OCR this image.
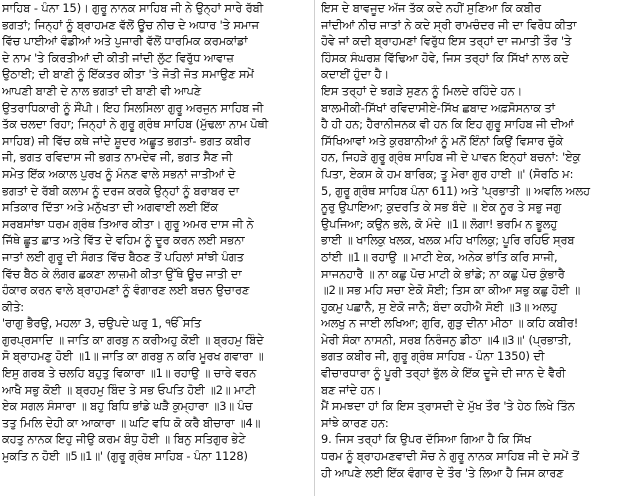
ਸਾਹਿਬ - ਪੰਨਾ 15)। ਗੁਰੂ ਨਾਨਕ ਸਾਹਿਬ ਜੀ ਨੇ ਉਨ੍ਹਾਂ ਸਾਰੇ ਰੱਬੀ
ਭਗਤਾਂ; ਜਿਨ੍ਹਾਂ ਨੂੰ ਬ੍ਰਾਹਮਣ ਵੱਲੋਂ ਊਚ ਨੀਚ ਦੇ ਅਧਾਰ 'ਤੇ ਸਮਾਜ
ਵਿੱਚ ਪਾਈਆਂ ਵੰਡੀਆਂ ਅਤੇ ਪੁਜਾਰੀ ਵੱਲੋਂ ਧਾਰਮਿਕ ਕਰਮਕਾਂਡਾਂ
ਦੇ ਨਾਮ 'ਤੇ ਕਿਰਤੀਆਂ ਦੀ ਕੀਤੀ ਜਾਂਦੀ ਲੁੱਟ ਵਿਰੁੱਧ ਆਵਾਜ਼
ਉਠਾਈ; ਦੀ ਬਾਣੀ ਨੂੰ ਇੱਕਤਰ ਕੀਤਾ 'ਤੇ ਜੋਤੀ ਜੋਤ ਸਮਾਉਣ ਸਮੇਂ
ਆਪਣੀ ਬਾਣੀ ਦੇ ਨਾਲ ਭਗਤਾਂ ਦੀ ਬਾਣੀ ਵੀ ਆਪਣੇ
ਉਤਰਾਧਿਕਾਰੀ ਨੂੰ ਸੌਂਪੀ। ਇਹ ਸਿਲਸਿਲਾ ਗੁਰੂ ਅਰਜੁਨ ਸਾਹਿਬ ਜੀ
ਤੱਕ ਚਲਦਾ ਰਿਹਾ; ਜਿਨ੍ਹਾਂ ਨੇ ਗੁਰੂ ਗ੍ਰੰਥ ਸਾਹਿਬ (ਮੁੱਢਲਾ ਨਾਮ ਪੋਥੀ
ਸਾਹਿਬ) ਜੀ ਵਿੱਚ ਕਥੇ ਜਾਂਦੇ ਸ਼ੂਦਰ ਅਛੂਤ ਭਗਤਾਂ- ਭਗਤ ਕਬੀਰ
ਜੀ, ਭਗਤ ਰਵਿਦਾਸ ਜੀ ਭਗਤ ਨਾਮਦੇਵ ਜੀ, ਭਗਤ ਸੈਣ ਜੀ
ਸਮੇਤ ਇੱਕ ਅਕਾਲ ਪੁਰਖ ਨੂੰ ਮੰਨਣ ਵਾਲੇ ਸਭਨਾਂ ਜਾਤੀਆਂ ਦੇ
ਭਗਤਾਂ ਦੇ ਰੱਬੀ ਕਲਾਮ ਨੂੰ ਦਰਜ ਕਰਕੇ ਉਨ੍ਹਾਂ ਨੂੰ ਬਰਾਬਰ ਦਾ
ਸਤਿਕਾਰ ਦਿੱਤਾ ਅਤੇ ਮਨੁੱਖਤਾ ਦੀ ਅਗਵਾਈ ਲਈ ਇੱਕ
ਸਰਬਸਾਂਝਾ ਧਰਮ ਗ੍ਰੰਥ ਤਿਆਰ ਕੀਤਾ। ਗੁਰੂ ਅਮਰ ਦਾਸ ਜੀ ਨੇ
ਜਿੱਥੇ ਛੂਤ ਛਾਤ ਅਤੇ ਵਿੱਤ ਦੇ ਵਹਿਮ ਨੂੰ ਦੂਰ ਕਰਨ ਲਈ ਸਭਨਾ
ਜਾਤਾਂ ਲਈ ਗੁਰੂ ਦੀ ਸੰਗਤ ਵਿੱਚ ਬੈਠਣ ਤੋਂ ਪਹਿਲਾਂ ਸਾਂਝੀ ਪੰਗਤ
ਵਿੱਚ ਬੈਠ ਕੇ ਲੰਗਰ ਛਕਣਾ ਲਾਜ਼ਮੀ ਕੀਤਾ ਉੱਥੇ ਊਚ ਜਾਤੀ ਦਾ
ਹੰਕਾਰ ਕਰਨ ਵਾਲੇ ਬ੍ਰਾਹਮਣਾਂ ਨੂੰ ਵੰਗਾਰਣ ਲਈ ਬਚਨ ਉਚਾਰਣ
ਕੀਤੇ:
'ਰਾਗੁ ਭੈਰਉ, ਮਹਲਾ 3, ਚਉਪਦੇ ਘਰੁ 1, ੴ ਸਤਿ
ਗੁਰਪ੍ਰਸਾਦਿ ॥ ਜਾਤਿ ਕਾ ਗਰਬੁ ਨ ਕਰੀਅਹੁ ਕੋਈ ॥ ਬ੍ਰਹਮੁ ਬਿੰਦੇ
ਸੋ ਬ੍ਰਾਹਮਣੁ ਹੋਈ ॥1॥ ਜਾਤਿ ਕਾ ਗਰਬੁ ਨ ਕਰਿ ਮੂਰਖ ਗਵਾਰਾ ॥
ਇਸੁ ਗਰਬ ਤੇ ਚਲਹਿ ਬਹੁਤੁ ਵਿਕਾਰਾ ॥1॥ ਰਹਾਉ ॥ ਚਾਰੇ ਵਰਨ
ਆਖੈ ਸਭੁ ਕੋਈ ॥ ਬ੍ਰਹਮੁ ਬਿੰਦ ਤੇ ਸਭ ਓਪਤਿ ਹੋਈ ॥2॥ ਮਾਟੀ
ਏਕ ਸਗਲ ਸੰਸਾਰਾ ॥ ਬਹੁ ਬਿਧਿ ਭਾਂਡੇ ਘੜੈ ਕੁਮ੍ਹਾਰਾ ॥3॥ ਪੰਚ
ਤਤੁ ਮਿਲਿ ਦੇਹੀ ਕਾ ਆਕਾਰਾ ॥ ਘਟਿ ਵਧਿ ਕੋ ਕਰੈ ਬੀਚਾਰਾ ॥4॥
ਕਹਤੁ ਨਾਨਕ ਇਹੁ ਜੀਉ ਕਰਮ ਬੰਧੁ ਹੋਈ ॥ ਬਿਨੁ ਸਤਿਗੁਰ ਭੇਟੇ
ਮੁਕਤਿ ਨ ਹੋਈ ॥5॥1॥' (ਗੁਰੂ ਗ੍ਰੰਥ ਸਾਹਿਬ - ਪੰਨਾ 1128)
ਇਸ ਦੇ ਬਾਵਜੂਦ ਅੱਜ ਤੱਕ ਕਦੇ ਨਹੀਂ ਸੁਣਿਆ ਕਿ ਕਬੀਰ
ਜਾਂਦੀਆਂ ਨੀਚ ਜਾਤਾਂ ਨੇ ਕਦੇ ਸ੍ਰੀ ਰਾਮਚੰਦਰ ਜੀ ਦਾ ਵਿਰੋਧ ਕੀਤਾ
ਹੋਵੇ ਜਾਂ ਕਦੀ ਬ੍ਰਾਹਮਣਾਂ ਵਿਰੁੱਧ ਇਸ ਤਰ੍ਹਾਂ ਦਾ ਜਮਾਤੀ ਤੌਰ 'ਤੇ
ਹਿੰਸਕ ਸੰਘਰਸ਼ ਵਿੱਢਿਆ ਹੋਵੇ, ਜਿਸ ਤਰ੍ਹਾਂ ਕਿ ਸਿੱਖਾਂ ਨਾਲ ਕਦੇ
ਕਦਾਈਂ ਹੁੰਦਾ ਹੈ।
ਇਸ ਤਰ੍ਹਾਂ ਦੇ ਝਗੜੇ ਸੁਣਨ ਨੂੰ ਮਿਲਦੇ ਰਹਿੰਦੇ ਹਨ।
ਬਾਲਮੀਕੀ-ਸਿੱਖਾਂ ਰਵਿਦਾਸੀਏ-ਸਿੱਖ ਛਬਾਦ ਅਫ਼ਸੋਸਨਾਕ ਤਾਂ
ਹੈ ਹੀ ਹਨ; ਹੈਰਾਨੀਜਨਕ ਵੀ ਹਨ ਕਿ ਇਹ ਗੁਰੂ ਸਾਹਿਬ ਜੀ ਦੀਆਂ
ਸਿੱਖਿਆਵਾਂ ਅਤੇ ਕੁਰਬਾਨੀਆਂ ਨੂੰ ਮਨੋਂ ਇੰਨਾਂ ਕਿਉਂ ਵਿਸਾਰ ਚੁੱਕੇ
ਹਨ, ਜਿਹੜੇ ਗੁਰੂ ਗ੍ਰੰਥ ਸਾਹਿਬ ਜੀ ਦੇ ਪਾਵਨ ਇਨ੍ਹਾਂ ਬਚਨਾਂ: 'ਏਕੁ
ਪਿਤਾ, ਏਕਸ ਕੇ ਹਮ ਬਾਰਿਕ; ਤੂ ਮੇਰਾ ਗੁਰ ਹਾਈ ॥' (ਸੋਰਠਿ ਮ:
5, ਗੁਰੂ ਗ੍ਰੰਥ ਸਾਹਿਬ ਪੰਨਾ 611) ਅਤੇ 'ਪ੍ਰਭਾਤੀ ॥ ਅਵਲਿ ਅਲਹ
ਨੂਰੁ ਉਪਾਇਆ; ਕੁਦਰਤਿ ਕੇ ਸਭ ਬੰਦੇ ॥ ਏਕ ਨੂਰ ਤੇ ਸਭੁ ਜਗੁ
ਉਪਜਿਆ; ਕਉਨ ਭਲੇ, ਕੋ ਮੰਦੇ ॥1॥ ਲੋਗਾ! ਭਰਮਿ ਨ ਭੂਲਹੁ
ਭਾਈ ॥ ਖਾਲਿਕੁ ਖਲਕ, ਖਲਕ ਮਹਿ ਖਾਲਿਕੁ; ਪੂਰਿ ਰਹਿਓ ਸ੍ਰਬ
ਠਾਂਈ ॥1॥ ਰਹਾਉ ॥ ਮਾਟੀ ਏਕ, ਅਨੇਕ ਭਾਂਤਿ ਕਰਿ ਸਾਜੀ,
ਸਾਜਨਹਾਰੈ ॥ ਨਾ ਕਛੁ ਪੋਚ ਮਾਟੀ ਕੇ ਭਾਂਡੇ; ਨਾ ਕਛੁ ਪੋਚ ਕੁੰਭਾਰੈ
॥2॥ ਸਭ ਮਹਿ ਸਚਾ ਏਕੋ ਸੋਈ; ਤਿਸ ਕਾ ਕੀਆ ਸਭੁ ਕਛੁ ਹੋਈ ॥
ਹੁਕਮੁ ਪਛਾਨੈ, ਸੁ ਏਕੋ ਜਾਨੈ; ਬੰਦਾ ਕਹੀਐ ਸੋਈ ॥3॥ ਅਲਹੁ
ਅਲਖੁ ਨ ਜਾਈ ਲਖਿਆ; ਗੁਰਿ, ਗੁੜੁ ਦੀਨਾ ਮੀਠਾ ॥ ਕਹਿ ਕਬੀਰ!
ਮੇਰੀ ਸੰਕਾ ਨਾਸਨੀ, ਸਰਬ ਨਿਰੰਜਨੁ ਡੀਠਾ ॥4॥3॥' (ਪ੍ਰਭਾਤੀ,
ਭਗਤ ਕਬੀਰ ਜੀ, ਗੁਰੂ ਗ੍ਰੰਥ ਸਾਹਿਬ - ਪੰਨਾ 1350) ਦੀ
ਵੀਚਾਰਧਾਰਾ ਨੂੰ ਪੂਰੀ ਤਰ੍ਹਾਂ ਭੁੱਲ ਕੇ ਇੱਕ ਦੂਜੇ ਦੀ ਜਾਨ ਦੇ ਵੈਰੀ
ਬਣ ਜਾਂਦੇ ਹਨ।
ਮੈਂ ਸਮਝਦਾ ਹਾਂ ਕਿ ਇਸ ਤ੍ਰਾਸਦੀ ਦੇ ਮੁੱਖ ਤੌਰ 'ਤੇ ਹੇਠ ਲਿਖੇ ਤਿੰਨ
ਸਾਂਝੇ ਕਾਰਣ ਹਨ:
9. ਜਿਸ ਤਰ੍ਹਾਂ ਕਿ ਉਪਰ ਦੱਸਿਆ ਗਿਆ ਹੈ ਕਿ ਸਿੱਖ
ਧਰਮ ਨੂੰ ਬ੍ਰਾਹਮਣਵਾਦੀ ਸੋਚ ਨੇ ਗੁਰੂ ਨਾਨਕ ਸਾਹਿਬ ਜੀ ਦੇ ਸਮੇਂ ਤੋਂ
ਹੀ ਆਪਣੇ ਲਈ ਇੱਕ ਵੰਗਾਰ ਦੇ ਤੌਰ 'ਤੇ ਲਿਆ ਹੈ ਜਿਸ ਕਾਰਣ
